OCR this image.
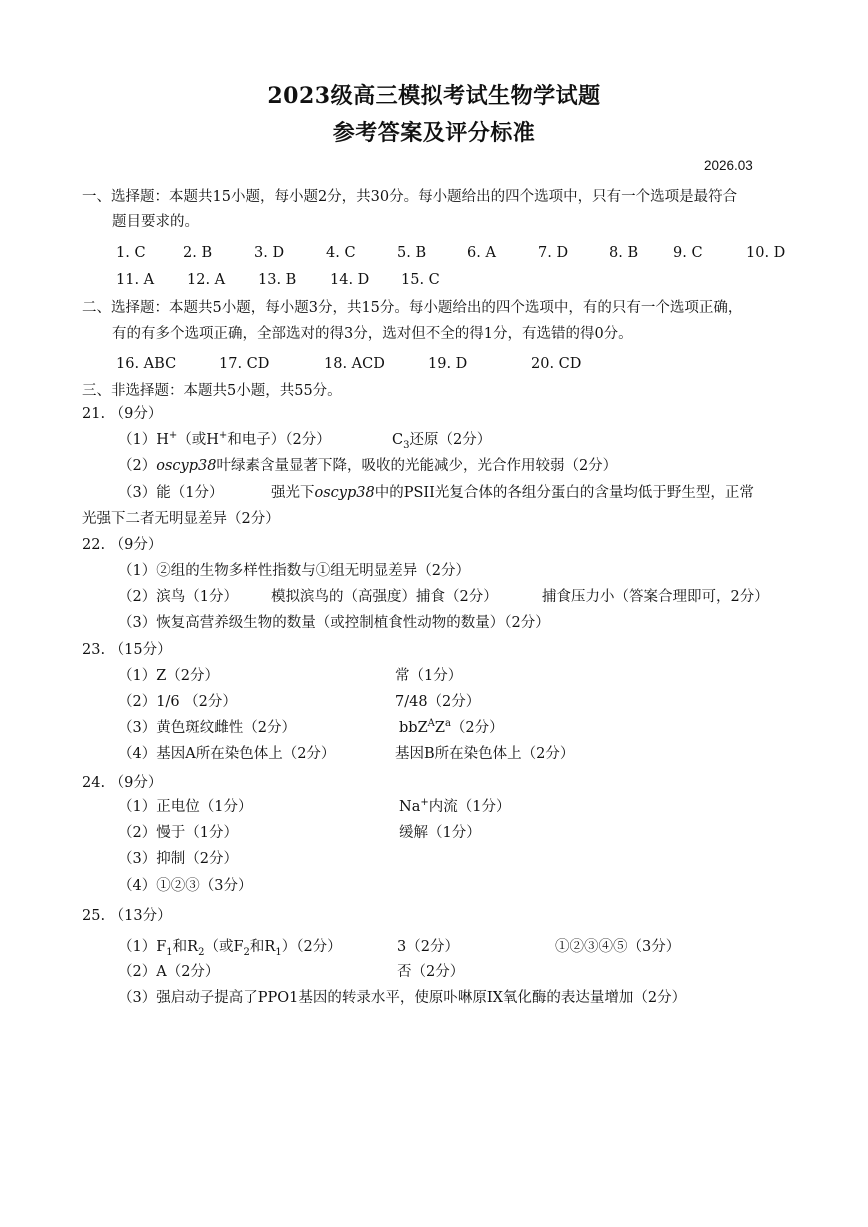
2023级高三模拟考试生物学试题
参考答案及评分标准
2026.03
一、选择题：本题共15小题，每小题2分，共30分。每小题给出的四个选项中，只有一个选项是最符合
题目要求的。
1. C	2. B	3. D	4. C	5. B	6. A	7. D	8. B 9. C	10. D
11. A 12. A 13. B 14. D 15. C
二、选择题：本题共5小题，每小题3分，共15分。每小题给出的四个选项中，有的只有一个选项正确，
有的有多个选项正确，全部选对的得3分，选对但不全的得1分，有选错的得0分。
16. ABC	17. CD	18. ACD	19. D	20. CD
三、非选择题：本题共5小题，共55分。
21. （9分）
（1）H+（或H+和电子）（2分）	$C_3$还原（2分）
（2）oscyp38叶绿素含量显著下降，吸收的光能减少，光合作用较弱（2分）
（3）能（1分）	强光下oscyp38中的PSII光复合体的各组分蛋白的含量均低于野生型，正常
光强下二者无明显差异（2分）
22. （9分）
（1）②组的生物多样性指数与①组无明显差异（2分）
（2）滨鸟（1分） 模拟滨鸟的（高强度）捕食（2分）	捕食压力小（答案合理即可，2分）
（3）恢复高营养级生物的数量（或控制植食性动物的数量）（2分）
23. （15分）
（1）Z（2分）	常（1分）
（2）1/6 （2分）	7/48（2分）
（3）黄色斑纹雌性（2分）	$bbZ^AZ^a(2$分）
（4）基因A所在染色体上（2分）	基因B所在染色体上（2分）
24. （9分）
（1）正电位（1分）	Na+内流（1分）
（2）慢于（1分）	缓解（1分）
（3）抑制（2分）
（4）①②③（3分）
25. （13分）
$(1)F_1$和$R_2$（或$F_2$和$R_1)(2$分）	3（2分）	①②③④⑤（3分）
（2）A（2分）	否（2分）
（3）强启动子提高了PPO1基因的转录水平，使原卟啉原IX氧化酶的表达量增加（2分）
